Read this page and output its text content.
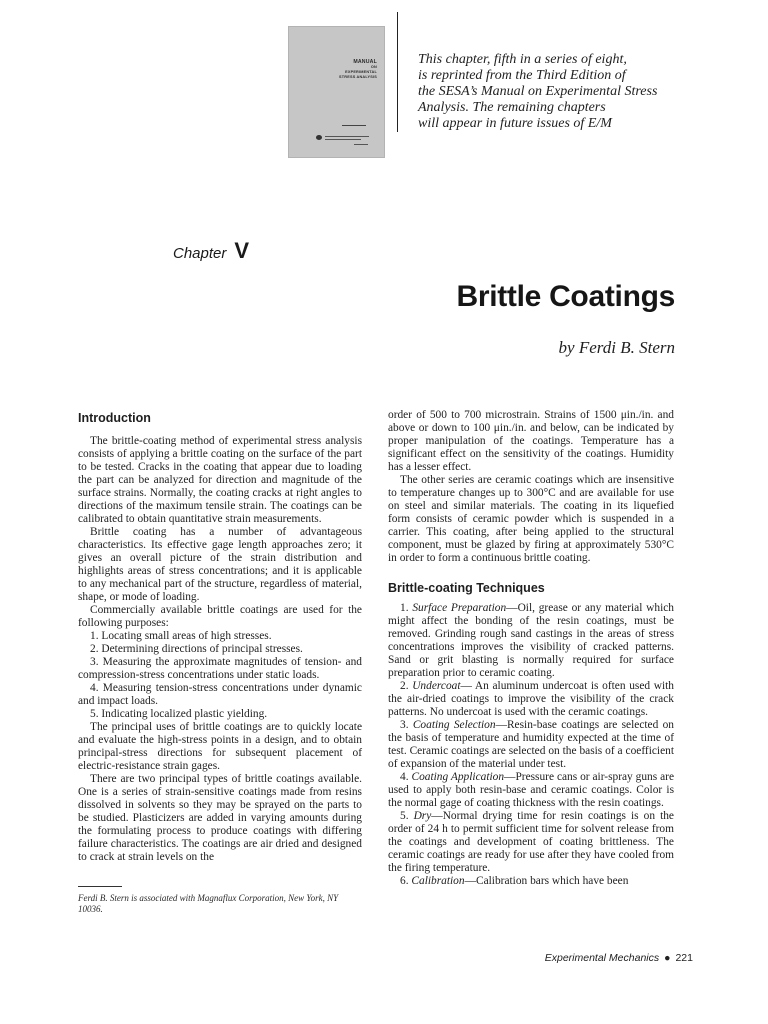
MANUAL
ON
EXPERIMENTAL
STRESS ANALYSIS
This chapter, fifth in a series of eight,
is reprinted from the Third Edition of
the SESA’s Manual on Experimental Stress
Analysis. The remaining chapters
will appear in future issues of E/M
Chapter V
Brittle Coatings
by Ferdi B. Stern
Introduction

The brittle-coating method of experimental stress analysis consists of applying a brittle coating on the surface of the part to be tested. Cracks in the coating that appear due to loading the part can be analyzed for direction and magnitude of the surface strains. Normally, the coating cracks at right angles to directions of the maximum tensile strain. The coatings can be calibrated to obtain quantitative strain measurements.

Brittle coating has a number of advantageous characteristics. Its effective gage length approaches zero; it gives an overall picture of the strain distribution and highlights areas of stress concentrations; and it is applicable to any mechanical part of the structure, regardless of material, shape, or mode of loading.

Commercially available brittle coatings are used for the following purposes:

1. Locating small areas of high stresses.

2. Determining directions of principal stresses.

3. Measuring the approximate magnitudes of tension- and compression-stress concentrations under static loads.

4. Measuring tension-stress concentrations under dynamic and impact loads.

5. Indicating localized plastic yielding.

The principal uses of brittle coatings are to quickly locate and evaluate the high-stress points in a design, and to obtain principal-stress directions for subsequent placement of electric-resistance strain gages.

There are two principal types of brittle coatings available. One is a series of strain-sensitive coatings made from resins dissolved in solvents so they may be sprayed on the parts to be studied. Plasticizers are added in varying amounts during the formulating process to produce coatings with differing failure characteristics. The coatings are air dried and designed to crack at strain levels on the

Ferdi B. Stern is associated with Magnaflux Corporation, New York, NY 10036.

order of 500 to 700 microstrain. Strains of 1500 μin./in. and above or down to 100 μin./in. and below, can be indicated by proper manipulation of the coatings. Temperature has a significant effect on the sensitivity of the coatings. Humidity has a lesser effect.

The other series are ceramic coatings which are insensitive to temperature changes up to 300°C and are available for use on steel and similar materials. The coating in its liquefied form consists of ceramic powder which is suspended in a carrier. This coating, after being applied to the structural component, must be glazed by firing at approximately 530°C in order to form a continuous brittle coating.

Brittle-coating Techniques

1. Surface Preparation—Oil, grease or any material which might affect the bonding of the resin coatings, must be removed. Grinding rough sand castings in the areas of stress concentrations improves the visibility of cracked patterns. Sand or grit blasting is normally required for surface preparation prior to ceramic coating.

2. Undercoat— An aluminum undercoat is often used with the air-dried coatings to improve the visibility of the crack patterns. No undercoat is used with the ceramic coatings.

3. Coating Selection—Resin-base coatings are selected on the basis of temperature and humidity expected at the time of test. Ceramic coatings are selected on the basis of a coefficient of expansion of the material under test.

4. Coating Application—Pressure cans or air-spray guns are used to apply both resin-base and ceramic coatings. Color is the normal gage of coating thickness with the resin coatings.

5. Dry—Normal drying time for resin coatings is on the order of 24 h to permit sufficient time for solvent release from the coatings and development of coating brittleness. The ceramic coatings are ready for use after they have cooled from the firing temperature.

6. Calibration—Calibration bars which have been

Experimental Mechanics ● 221
